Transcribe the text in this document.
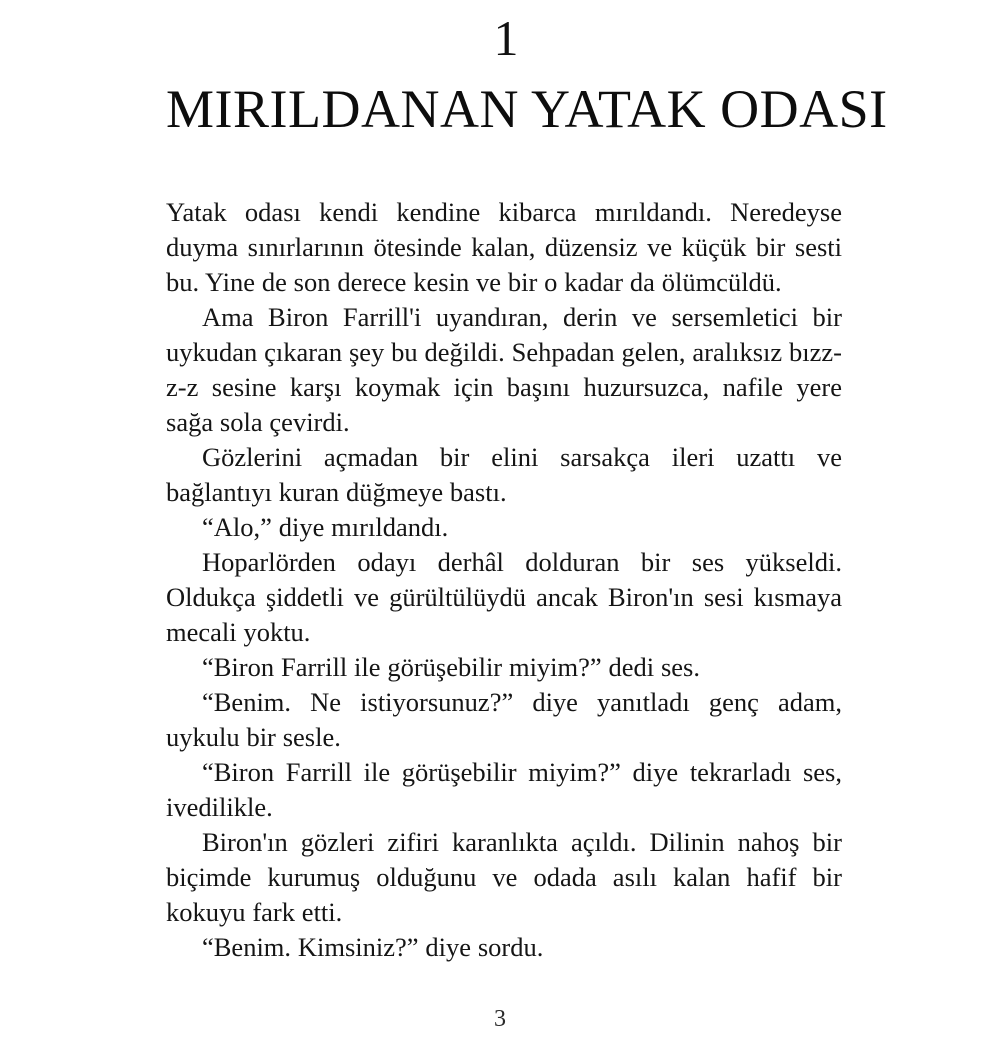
1
MIRILDANAN YATAK ODASI

Yatak odası kendi kendine kibarca mırıldandı. Neredeyse duyma sınırlarının ötesinde kalan, düzensiz ve küçük bir sesti bu. Yine de son derece kesin ve bir o kadar da ölümcüldü.

Ama Biron Farrill'i uyandıran, derin ve sersemletici bir uykudan çıkaran şey bu değildi. Sehpadan gelen, aralıksız bızz-z-z sesine karşı koymak için başını huzursuzca, nafile yere sağa sola çevirdi.

Gözlerini açmadan bir elini sarsakça ileri uzattı ve bağlantıyı kuran düğmeye bastı.

“Alo,” diye mırıldandı.

Hoparlörden odayı derhâl dolduran bir ses yükseldi. Oldukça şiddetli ve gürültülüydü ancak Biron'ın sesi kısmaya mecali yoktu.

“Biron Farrill ile görüşebilir miyim?” dedi ses.

“Benim. Ne istiyorsunuz?” diye yanıtladı genç adam, uykulu bir sesle.

“Biron Farrill ile görüşebilir miyim?” diye tekrarladı ses, ivedilikle.

Biron'ın gözleri zifiri karanlıkta açıldı. Dilinin nahoş bir biçimde kurumuş olduğunu ve odada asılı kalan hafif bir kokuyu fark etti.

“Benim. Kimsiniz?” diye sordu.

3
